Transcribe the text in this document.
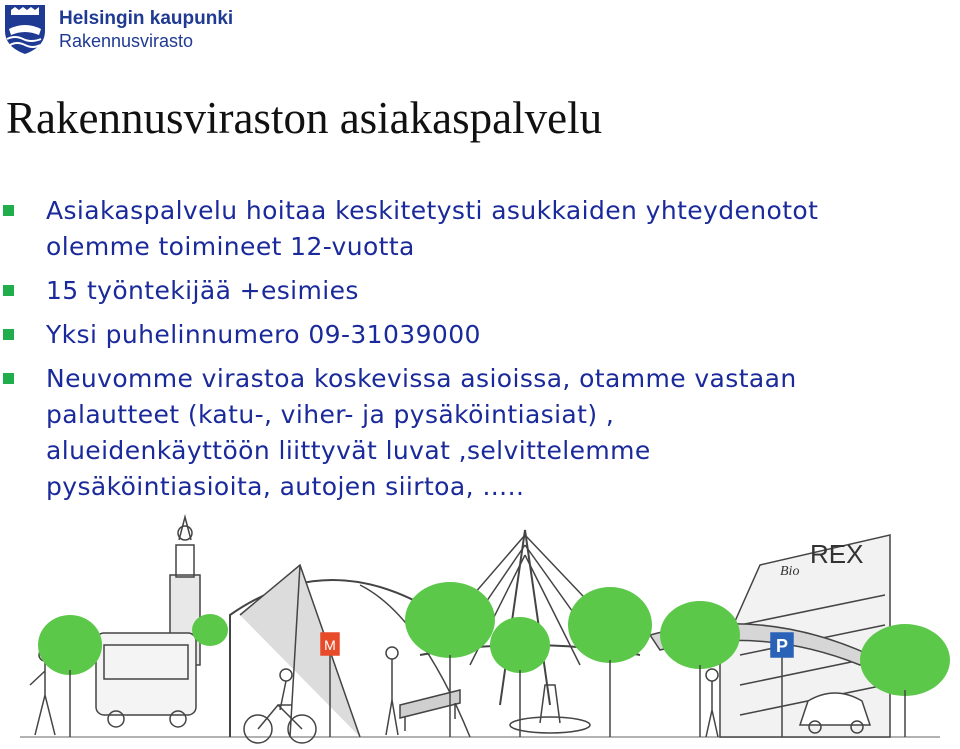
Helsingin kaupunki
Rakennusvirasto
Rakennusviraston asiakaspalvelu
Asiakaspalvelu hoitaa keskitetysti asukkaiden yhteydenotot
olemme toimineet 12-vuotta
15 työntekijää +esimies
Yksi puhelinnumero 09-31039000
Neuvomme virastoa koskevissa asioissa, otamme vastaan
palautteet (katu-, viher- ja pysäköintiasiat) ,
alueidenkäyttöön liittyvät luvat ,selvittelemme
pysäköintiasioita, autojen siirtoa, …..
M
REX
Bio
P
